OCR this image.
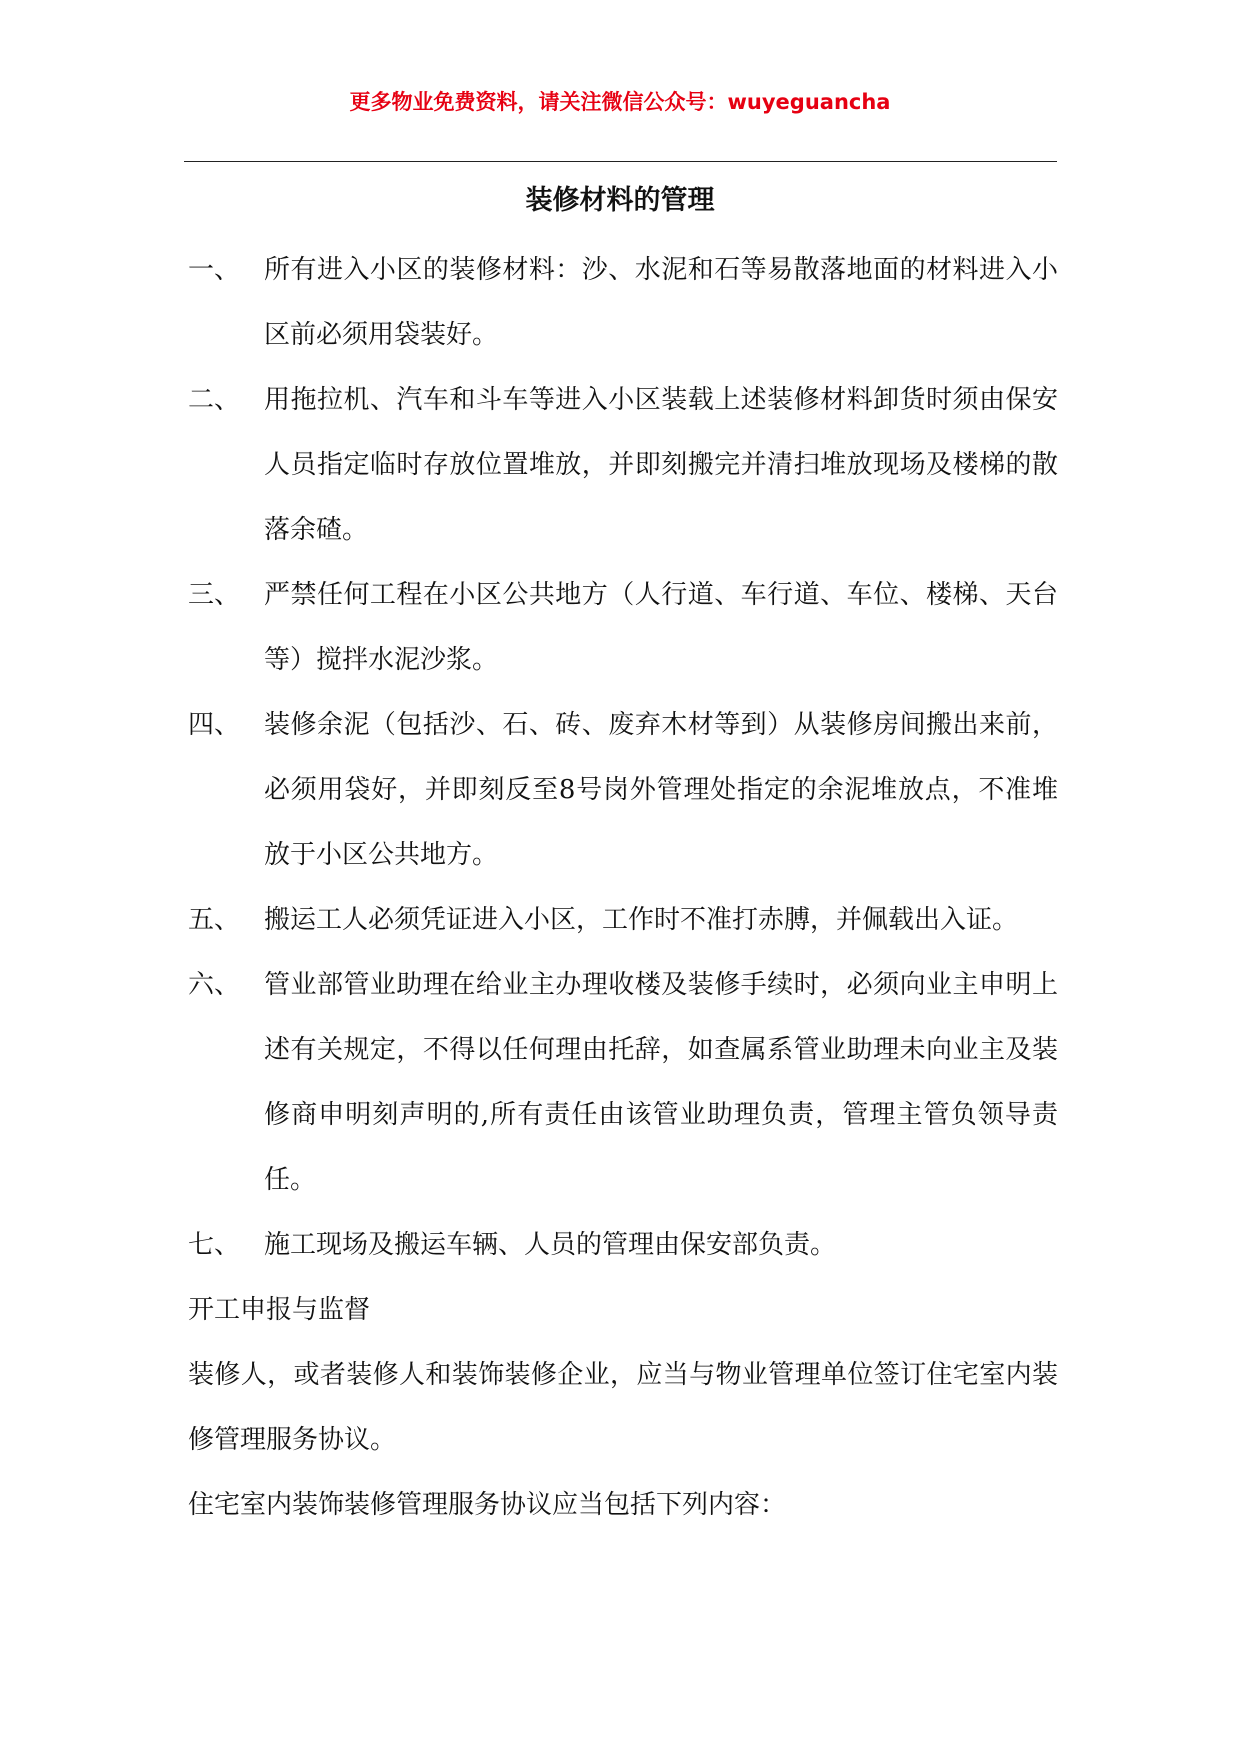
更多物业免费资料，请关注微信公众号：wuyeguancha
装修材料的管理
一、 所有进入小区的装修材料：沙、水泥和石等易散落地面的材料进入小区前必须用袋装好。
二、 用拖拉机、汽车和斗车等进入小区装载上述装修材料卸货时须由保安人员指定临时存放位置堆放，并即刻搬完并清扫堆放现场及楼梯的散落余碴。
三、 严禁任何工程在小区公共地方（人行道、车行道、车位、楼梯、天台等）搅拌水泥沙浆。
四、 装修余泥（包括沙、石、砖、废弃木材等到）从装修房间搬出来前，必须用袋好，并即刻反至8号岗外管理处指定的余泥堆放点，不准堆放于小区公共地方。
五、 搬运工人必须凭证进入小区，工作时不准打赤膊，并佩载出入证。
六、 管业部管业助理在给业主办理收楼及装修手续时，必须向业主申明上述有关规定，不得以任何理由托辞，如查属系管业助理未向业主及装修商申明刻声明的,所有责任由该管业助理负责，管理主管负领导责任。
七、 施工现场及搬运车辆、人员的管理由保安部负责。
开工申报与监督
装修人，或者装修人和装饰装修企业，应当与物业管理单位签订住宅室内装修管理服务协议。
住宅室内装饰装修管理服务协议应当包括下列内容：
